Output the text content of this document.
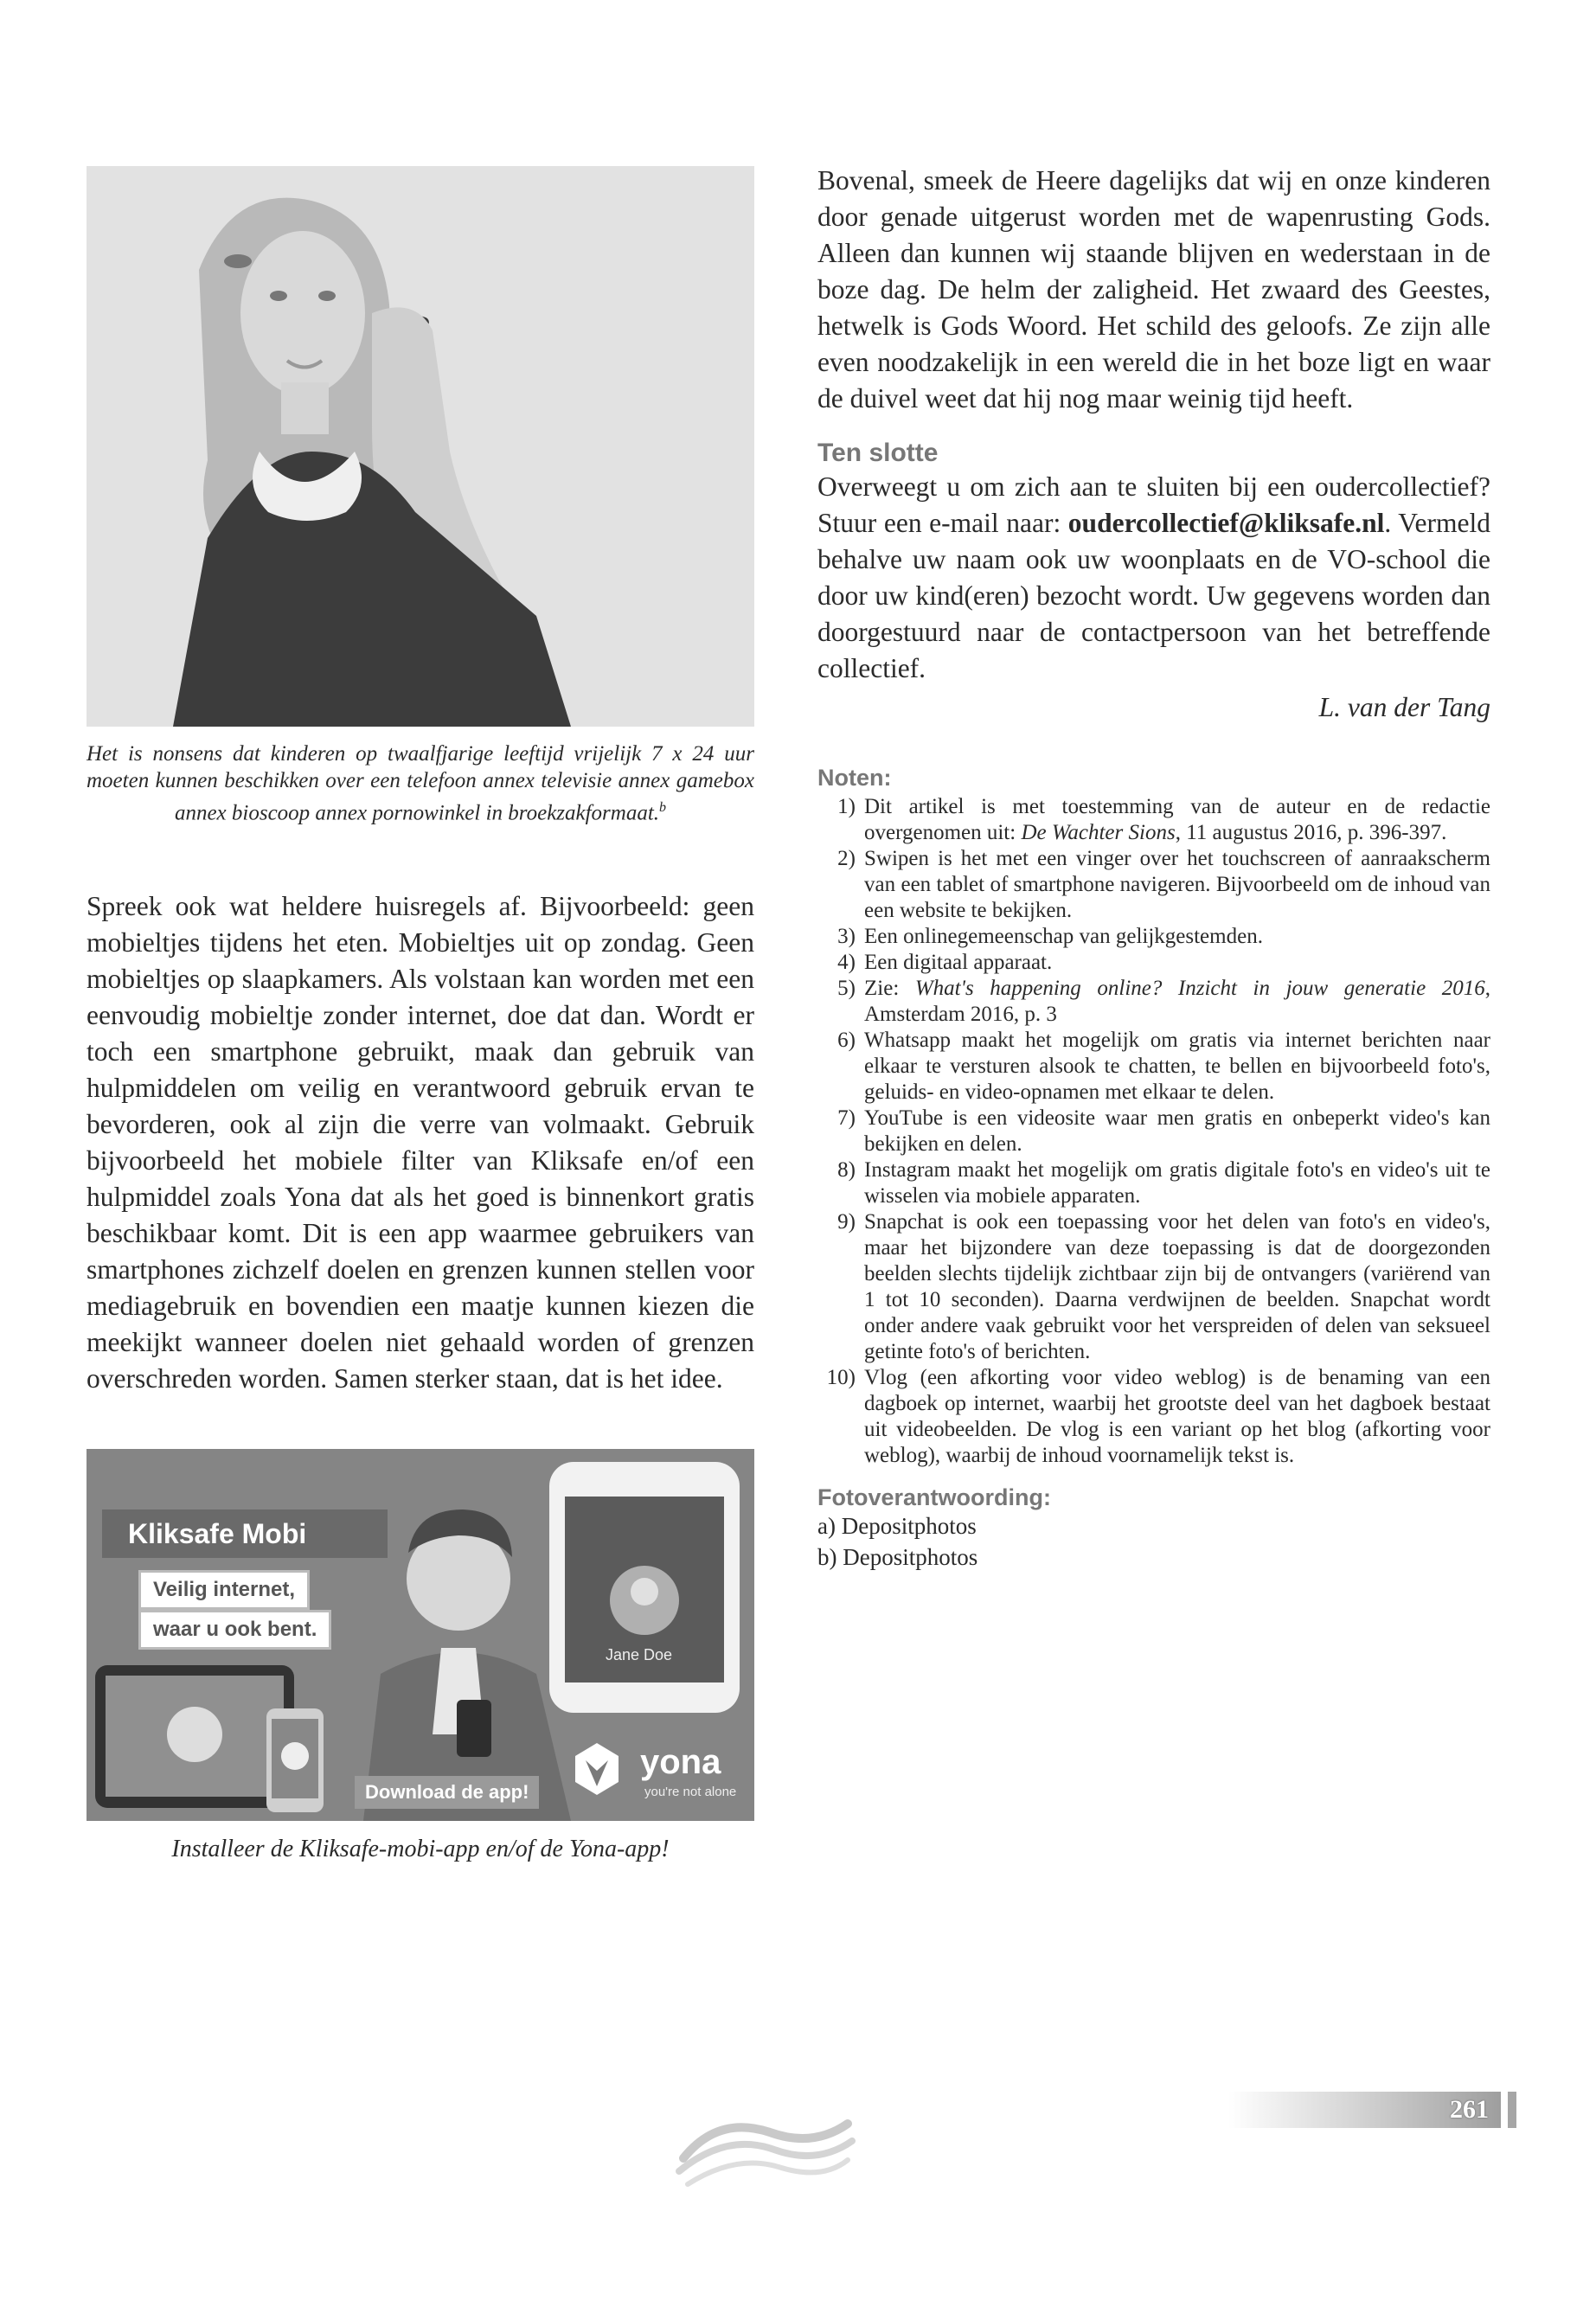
Het is nonsens dat kinderen op twaalfjarige leeftijd vrijelijk 7 x 24 uur moeten kunnen beschikken over een telefoon annex televisie annex gamebox annex bioscoop annex pornowinkel in broekzakformaat.$^b$

Spreek ook wat heldere huisregels af. Bijvoorbeeld: geen mobieltjes tijdens het eten. Mobieltjes uit op zondag. Geen mobieltjes op slaapkamers. Als volstaan kan worden met een eenvoudig mobieltje zonder internet, doe dat dan. Wordt er toch een smartphone gebruikt, maak dan gebruik van hulpmiddelen om veilig en verantwoord gebruik ervan te bevorderen, ook al zijn die verre van volmaakt. Gebruik bijvoorbeeld het mobiele filter van Kliksafe en/of een hulpmiddel zoals Yona dat als het goed is binnenkort gratis beschikbaar komt. Dit is een app waarmee gebruikers van smartphones zichzelf doelen en grenzen kunnen stellen voor mediagebruik en bovendien een maatje kunnen kiezen die meekijkt wanneer doelen niet gehaald worden of grenzen overschreden worden. Samen sterker staan, dat is het idee.

Kliksafe Mobi
Veilig internet,
waar u ook bent.
Download de app!
Jane Doe
yona
you're not alone
Installeer de Kliksafe-mobi-app en/of de Yona-app!

Bovenal, smeek de Heere dagelijks dat wij en onze kinderen door genade uitgerust worden met de wapenrusting Gods. Alleen dan kunnen wij staande blijven en wederstaan in de boze dag. De helm der zaligheid. Het zwaard des Geestes, hetwelk is Gods Woord. Het schild des geloofs. Ze zijn alle even noodzakelijk in een wereld die in het boze ligt en waar de duivel weet dat hij nog maar weinig tijd heeft.

Ten slotte

Overweegt u om zich aan te sluiten bij een oudercollectief? Stuur een e-mail naar: oudercollectief@kliksafe.nl. Vermeld behalve uw naam ook uw woonplaats en de VO-school die door uw kind(eren) bezocht wordt. Uw gegevens worden dan doorgestuurd naar de contactpersoon van het betreffende collectief.

L. van der Tang
Noten:
1) Dit artikel is met toestemming van de auteur en de redactie overgenomen uit: De Wachter Sions, 11 augustus 2016, p. 396-397.
2) Swipen is het met een vinger over het touchscreen of aanraakscherm van een tablet of smartphone navigeren. Bijvoorbeeld om de inhoud van een website te bekijken.
3) Een onlinegemeenschap van gelijkgestemden.
4) Een digitaal apparaat.
5) Zie: What's happening online? Inzicht in jouw generatie 2016, Amsterdam 2016, p. 3
6) Whatsapp maakt het mogelijk om gratis via internet berichten naar elkaar te versturen alsook te chatten, te bellen en bijvoorbeeld foto's, geluids- en video-opnamen met elkaar te delen.
7) YouTube is een videosite waar men gratis en onbeperkt video's kan bekijken en delen.
8) Instagram maakt het mogelijk om gratis digitale foto's en video's uit te wisselen via mobiele apparaten.
9) Snapchat is ook een toepassing voor het delen van foto's en video's, maar het bijzondere van deze toepassing is dat de doorgezonden beelden slechts tijdelijk zichtbaar zijn bij de ontvangers (variërend van 1 tot 10 seconden). Daarna verdwijnen de beelden. Snapchat wordt onder andere vaak gebruikt voor het verspreiden of delen van seksueel getinte foto's of berichten.
10) Vlog (een afkorting voor video weblog) is de benaming van een dagboek op internet, waarbij het grootste deel van het dagboek bestaat uit videobeelden. De vlog is een variant op het blog (afkorting voor weblog), waarbij de inhoud voornamelijk tekst is.
Fotoverantwoording:
a) Depositphotos
b) Depositphotos
261
